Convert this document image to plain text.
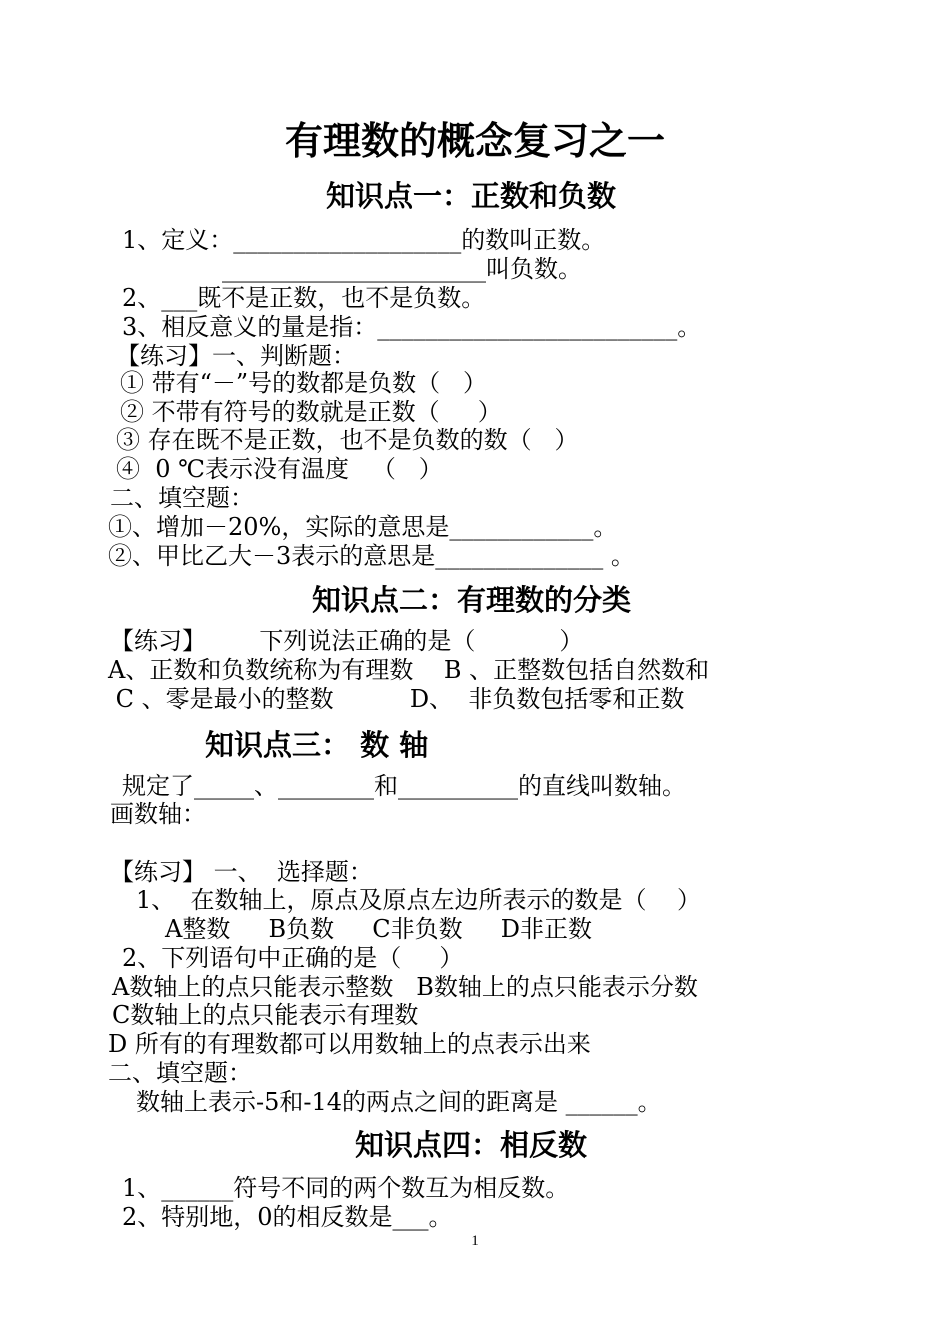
有理数的概念复习之一
知识点一：正数和负数
1、定义：___________________的数叫正数。
______________________叫负数。
2、___既不是正数，也不是负数。
3、相反意义的量是指：_________________________。
【练习】一、判断题：
① 带有“－”号的数都是负数（   ）
② 不带有符号的数就是正数（     ）
③ 存在既不是正数，也不是负数的数（   ）
④  0 ℃表示没有温度   （   ）
二、填空题：
①、增加－20%，实际的意思是____________。
②、甲比乙大－3表示的意思是______________ 。
知识点二：有理数的分类
【练习】       下列说法正确的是（           ）
A、正数和负数统称为有理数    B 、正整数包括自然数和
C 、零是最小的整数          D、  非负数包括零和正数
知识点三： 数 轴
规定了_____、________和__________的直线叫数轴。
画数轴：
【练习】 一、  选择题：
1、  在数轴上，原点及原点左边所表示的数是（    ）
A整数     B负数     C非负数     D非正数
2、下列语句中正确的是（     ）
A数轴上的点只能表示整数   B数轴上的点只能表示分数
C数轴上的点只能表示有理数
D 所有的有理数都可以用数轴上的点表示出来
二、填空题：
数轴上表示-5和-14的两点之间的距离是 ______。
知识点四：相反数
1、______符号不同的两个数互为相反数。
2、特别地，0的相反数是___。
1
